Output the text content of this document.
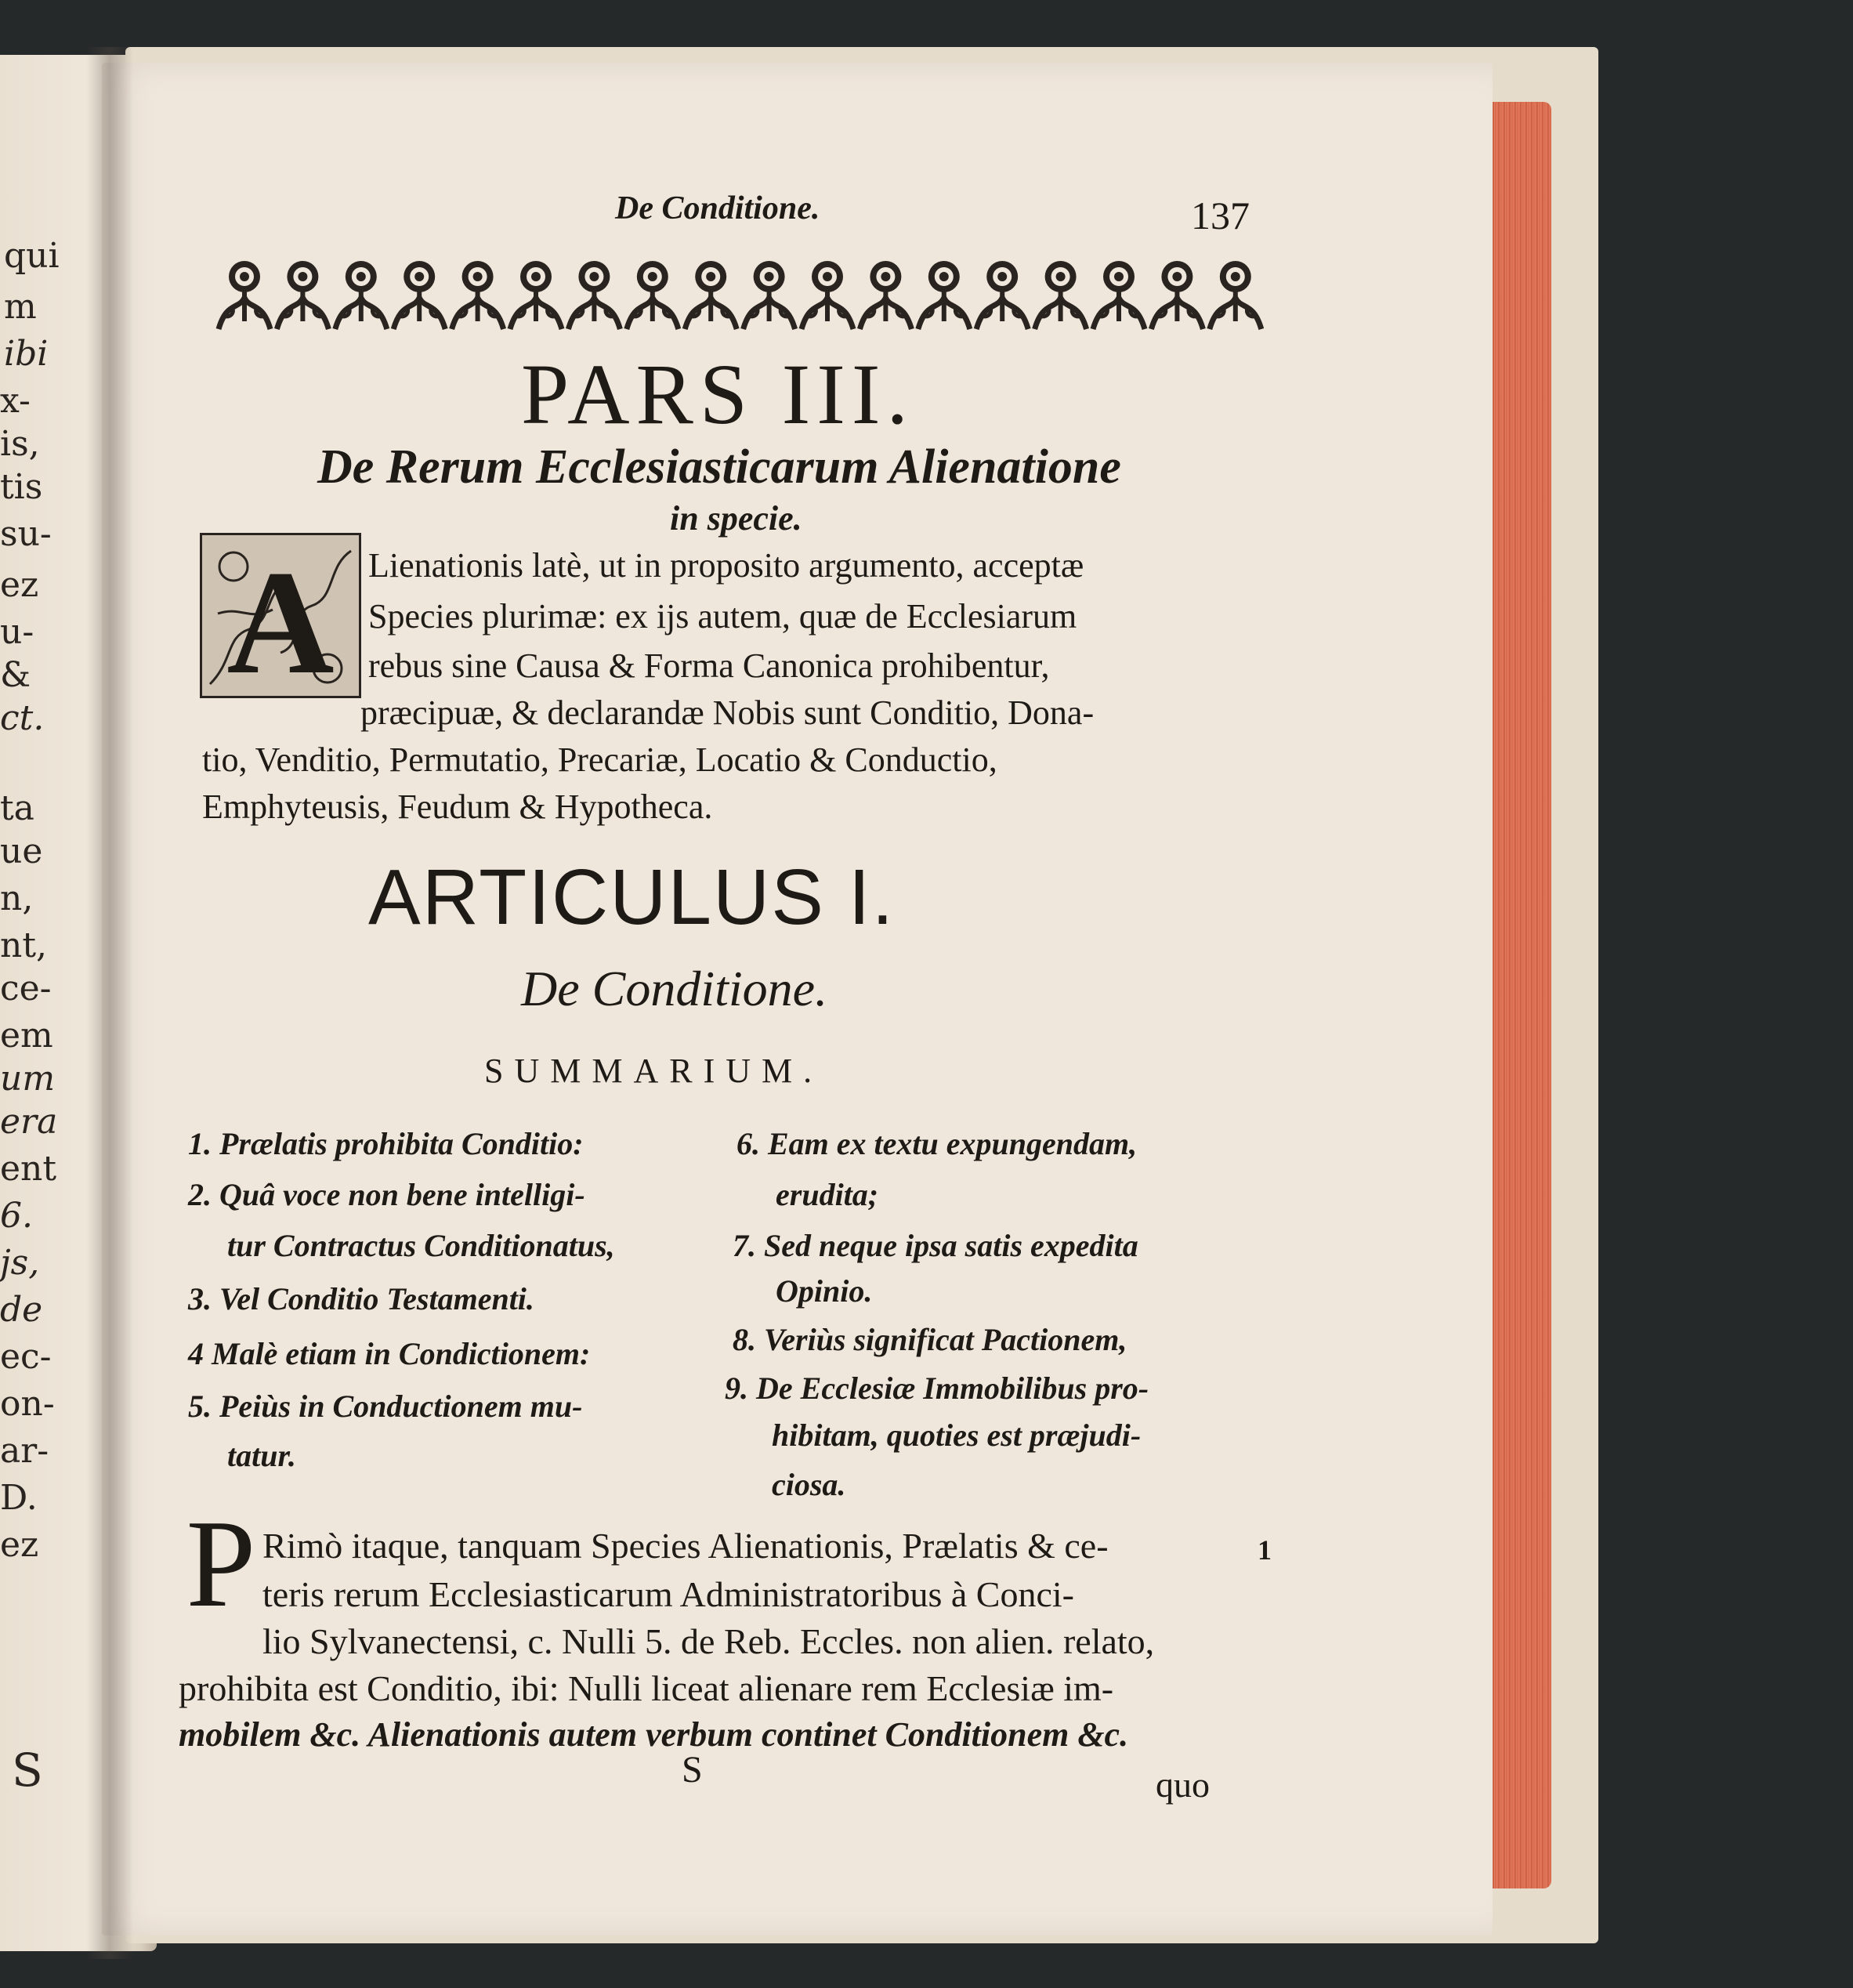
qui
m
ibi
x-
is,
tis
su-
ez
u-
&
ct.
ta
ue
n,
nt,
ce-
em
um
era
ent
6.
js,
de
ec-
on-
ar-
D.
ez
S
De Conditione.	137
PARS III.
De Rerum Ecclesiasticarum Alienatione
in specie.
A Lienationis latè, ut in proposito argumento, acceptæ
Species plurimæ: ex ijs autem, quæ de Ecclesiarum
rebus sine Causa & Forma Canonica prohibentur,
præcipuæ, & declarandæ Nobis sunt Conditio, Dona-
tio, Venditio, Permutatio, Precariæ, Locatio & Conductio,
Emphyteusis, Feudum & Hypotheca.
ARTICULUS I.
De Conditione.
SUMMARIUM.
1. Prælatis prohibita Conditio:
2. Quâ voce non bene intelligi-
tur Contractus Conditionatus,
3. Vel Conditio Testamenti.
4 Malè etiam in Condictionem:
5. Peiùs in Conductionem mu-
tatur.
6. Eam ex textu expungendam,
erudita;
7. Sed neque ipsa satis expedita
Opinio.
8. Veriùs significat Pactionem,
9. De Ecclesiæ Immobilibus pro-
hibitam, quoties est præjudi-
ciosa.
P Rimò itaque, tanquam Species Alienationis, Prælatis & ce-
teris rerum Ecclesiasticarum Administratoribus à Conci-
lio Sylvanectensi, c. Nulli 5. de Reb. Eccles. non alien. relato,
prohibita est Conditio, ibi: Nulli liceat alienare rem Ecclesiæ im-
mobilem &c. Alienationis autem verbum continet Conditionem &c.
1
S	quo
